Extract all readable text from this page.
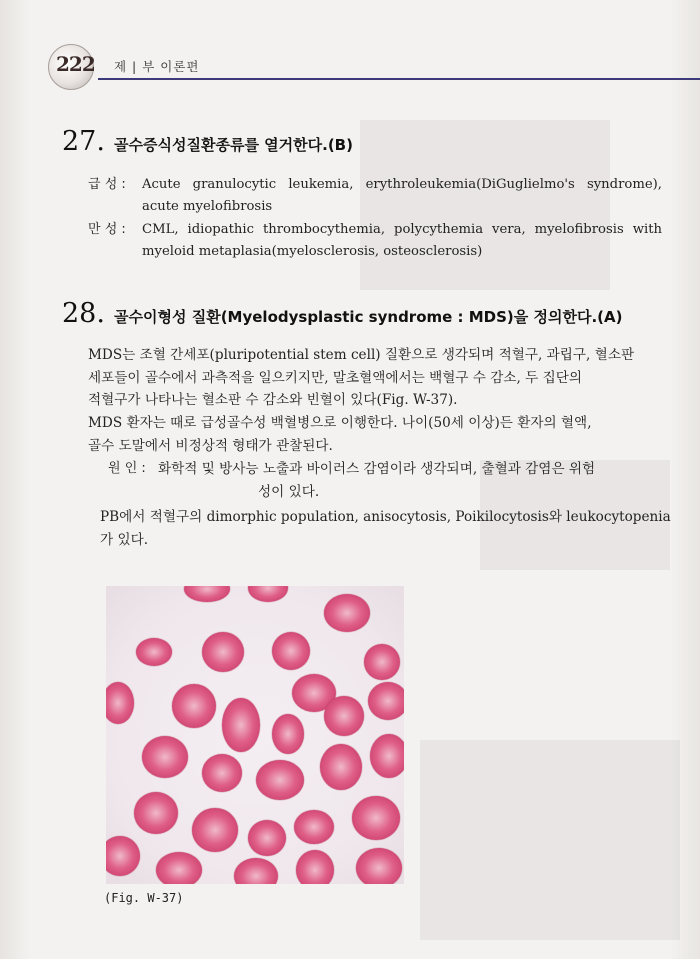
222 제 | 부 이론편
27. 골수증식성질환종류를 열거한다.(B)
급 성 : Acute granulocytic leukemia, erythroleukemia(DiGuglielmo's syndrome), acute myelofibrosis
만 성 : CML, idiopathic thrombocythemia, polycythemia vera, myelofibrosis with myeloid metaplasia(myelosclerosis, osteosclerosis)
28. 골수이형성 질환(Myelodysplastic syndrome : MDS)을 정의한다.(A)
MDS는 조혈 간세포(pluripotential stem cell) 질환으로 생각되며 적혈구, 과립구, 혈소판
세포들이 골수에서 과측적을 일으키지만, 말초혈액에서는 백혈구 수 감소, 두 집단의
적혈구가 나타나는 혈소판 수 감소와 빈혈이 있다(Fig. W-37).
MDS 환자는 때로 급성골수성 백혈병으로 이행한다. 나이(50세 이상)든 환자의 혈액,
골수 도말에서 비정상적 형태가 관찰된다.
원 인 : 화학적 및 방사능 노출과 바이러스 감염이라 생각되며, 출혈과 감염은 위험
성이 있다.
PB에서 적혈구의 dimorphic population, anisocytosis, Poikilocytosis와 leukocytopenia
가 있다.
(Fig. W-37)
